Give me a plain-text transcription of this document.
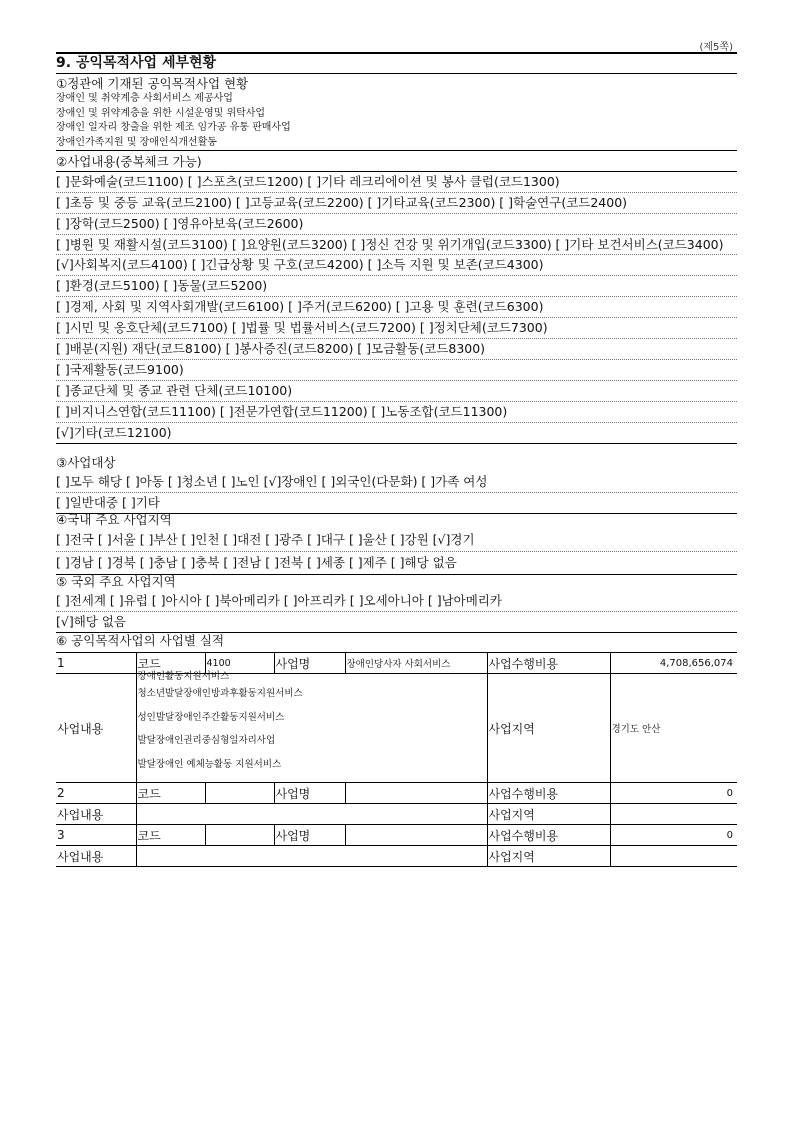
(제5쪽)
9. 공익목적사업 세부현황
①정관에 기재된 공익목적사업 현황
장애인 및 취약계층 사회서비스 제공사업
장애인 및 위약계층을 위한 시설운영및 위탁사업
장애인 일자리 창출을 위한 제조 임가공 유통 판매사업
장애인가족지원 및 장애인식개선활동
②사업내용(중복체크 가능)
[ ]문화예술(코드1100) [ ]스포츠(코드1200) [ ]기타 레크리에이션 및 봉사 클럽(코드1300)
[ ]초등 및 중등 교육(코드2100) [ ]고등교육(코드2200) [ ]기타교육(코드2300) [ ]학술연구(코드2400)
[ ]장학(코드2500) [ ]영유아보육(코드2600)
[ ]병원 및 재활시설(코드3100) [ ]요양원(코드3200) [ ]정신 건강 및 위기개입(코드3300) [ ]기타 보건서비스(코드3400)
[√]사회복지(코드4100) [ ]긴급상황 및 구호(코드4200) [ ]소득 지원 및 보존(코드4300)
[ ]환경(코드5100) [ ]동물(코드5200)
[ ]경제, 사회 및 지역사회개발(코드6100) [ ]주거(코드6200) [ ]고용 및 훈련(코드6300)
[ ]시민 및 옹호단체(코드7100) [ ]법률 및 법률서비스(코드7200) [ ]정치단체(코드7300)
[ ]배분(지원) 재단(코드8100) [ ]봉사증진(코드8200) [ ]모금활동(코드8300)
[ ]국제활동(코드9100)
[ ]종교단체 및 종교 관련 단체(코드10100)
[ ]비지니스연합(코드11100) [ ]전문가연합(코드11200) [ ]노동조합(코드11300)
[√]기타(코드12100)
③사업대상
[ ]모두 해당 [ ]아동 [ ]청소년 [ ]노인 [√]장애인 [ ]외국인(다문화) [ ]가족 여성
[ ]일반대중 [ ]기타
④국내 주요 사업지역
[ ]전국 [ ]서울 [ ]부산 [ ]인천 [ ]대전 [ ]광주 [ ]대구 [ ]울산 [ ]강원 [√]경기
[ ]경남 [ ]경북 [ ]충남 [ ]충북 [ ]전남 [ ]전북 [ ]세종 [ ]제주 [ ]해당 없음
⑤ 국외 주요 사업지역
[ ]전세계 [ ]유럽 [ ]아시아 [ ]북아메리카 [ ]아프리카 [ ]오세아니아 [ ]남아메리카
[√]해당 없음
⑥ 공익목적사업의 사업별 실적
1	코드	4100	사업명	장애인당사자 사회서비스	사업수행비용	4,708,656,074
사업내용	장애인활동지원서비스
청소년발달장애인방과후활동지원서비스
성인발달장애인주간활동지원서비스
발달장애인권리중심형일자리사업
발달장애인 예체능활동 지원서비스				사업지역	경기도 안산
2	코드		사업명		사업수행비용	0
사업내용					사업지역	
3	코드		사업명		사업수행비용	0
사업내용					사업지역	
